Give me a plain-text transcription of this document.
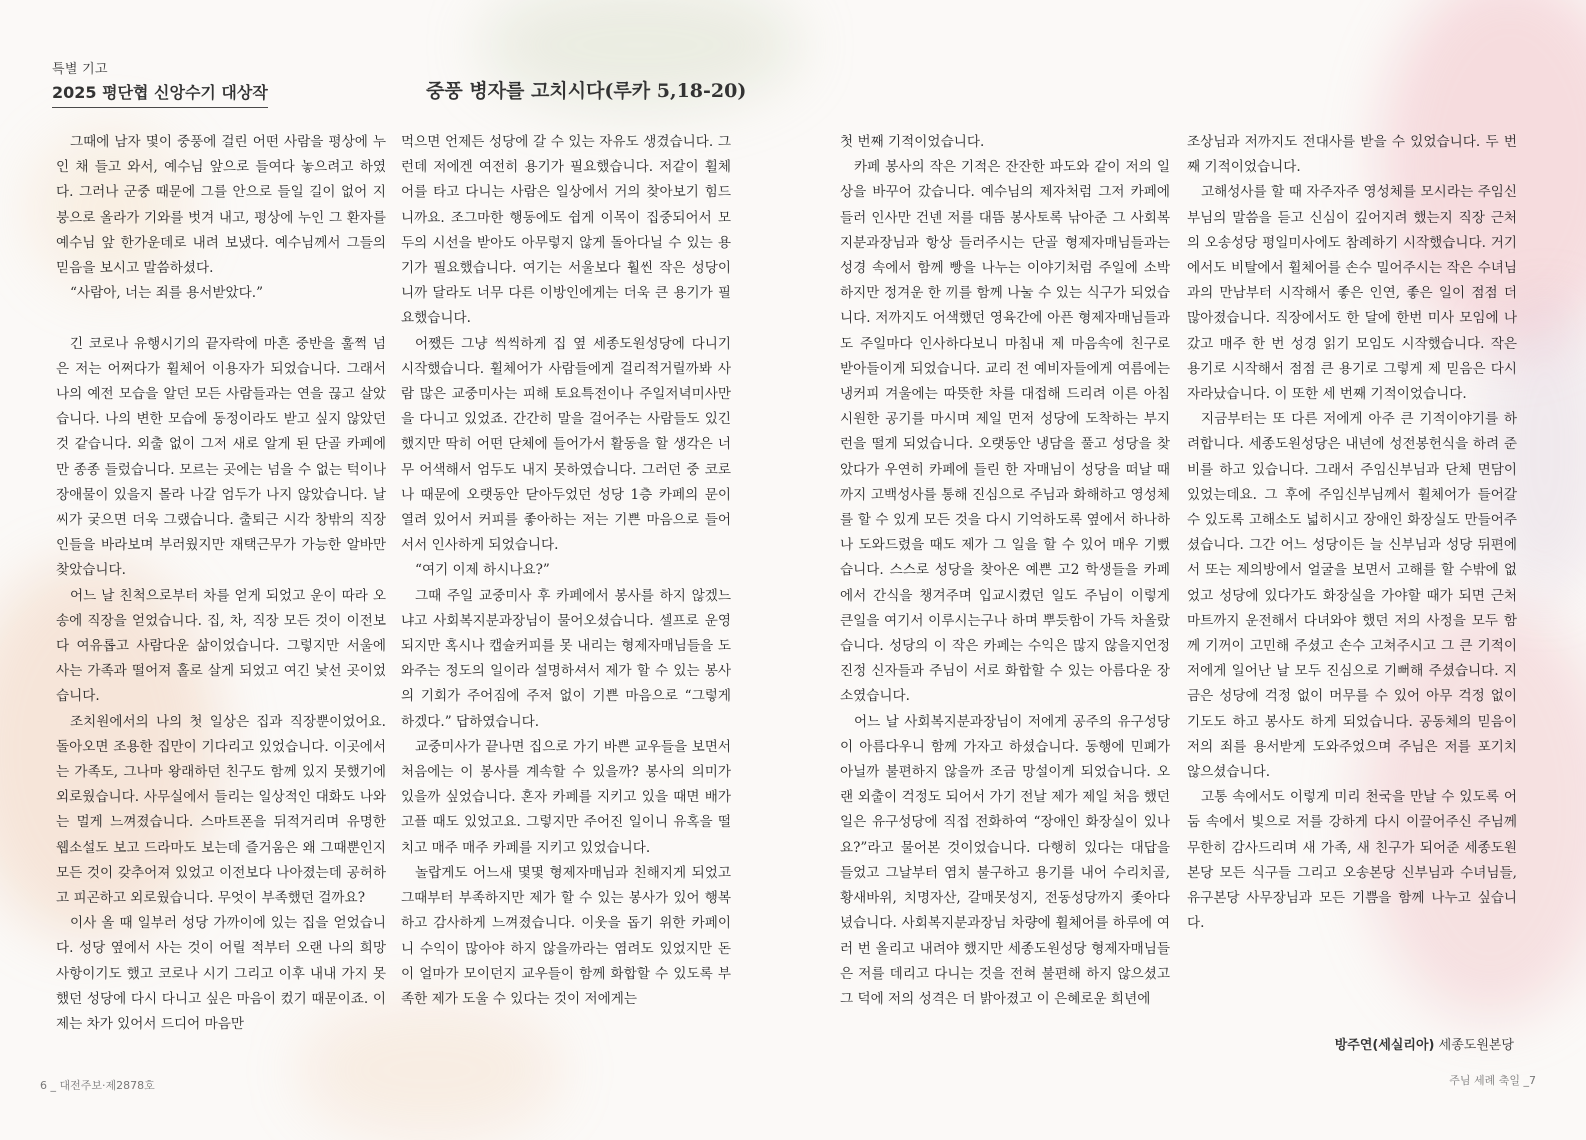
특별 기고
2025 평단협 신앙수기 대상작	중풍 병자를 고치시다(루카 5,18-20)

그때에 남자 몇이 중풍에 걸린 어떤 사람을 평상에 누인 채 들고 와서, 예수님 앞으로 들여다 놓으려고 하였다. 그러나 군중 때문에 그를 안으로 들일 길이 없어 지붕으로 올라가 기와를 벗겨 내고, 평상에 누인 그 환자를 예수님 앞 한가운데로 내려 보냈다. 예수님께서 그들의 믿음을 보시고 말씀하셨다.

“사람아, 너는 죄를 용서받았다.”

긴 코로나 유행시기의 끝자락에 마흔 중반을 훌쩍 넘은 저는 어쩌다가 휠체어 이용자가 되었습니다. 그래서 나의 예전 모습을 알던 모든 사람들과는 연을 끊고 살았습니다. 나의 변한 모습에 동정이라도 받고 싶지 않았던 것 같습니다. 외출 없이 그저 새로 알게 된 단골 카페에만 종종 들렀습니다. 모르는 곳에는 넘을 수 없는 턱이나 장애물이 있을지 몰라 나갈 엄두가 나지 않았습니다. 날씨가 궂으면 더욱 그랬습니다. 출퇴근 시각 창밖의 직장인들을 바라보며 부러웠지만 재택근무가 가능한 알바만 찾았습니다.

어느 날 친척으로부터 차를 얻게 되었고 운이 따라 오송에 직장을 얻었습니다. 집, 차, 직장 모든 것이 이전보다 여유롭고 사람다운 삶이었습니다. 그렇지만 서울에 사는 가족과 떨어져 홀로 살게 되었고 여긴 낯선 곳이었습니다.

조치원에서의 나의 첫 일상은 집과 직장뿐이었어요. 돌아오면 조용한 집만이 기다리고 있었습니다. 이곳에서는 가족도, 그나마 왕래하던 친구도 함께 있지 못했기에 외로웠습니다. 사무실에서 들리는 일상적인 대화도 나와는 멀게 느껴졌습니다. 스마트폰을 뒤적거리며 유명한 웹소설도 보고 드라마도 보는데 즐거움은 왜 그때뿐인지 모든 것이 갖추어져 있었고 이전보다 나아졌는데 공허하고 피곤하고 외로웠습니다. 무엇이 부족했던 걸까요?

이사 올 때 일부러 성당 가까이에 있는 집을 얻었습니다. 성당 옆에서 사는 것이 어릴 적부터 오랜 나의 희망사항이기도 했고 코로나 시기 그리고 이후 내내 가지 못했던 성당에 다시 다니고 싶은 마음이 컸기 때문이죠. 이제는 차가 있어서 드디어 마음만

먹으면 언제든 성당에 갈 수 있는 자유도 생겼습니다. 그런데 저에겐 여전히 용기가 필요했습니다. 저같이 휠체어를 타고 다니는 사람은 일상에서 거의 찾아보기 힘드니까요. 조그마한 행동에도 쉽게 이목이 집중되어서 모두의 시선을 받아도 아무렇지 않게 돌아다닐 수 있는 용기가 필요했습니다. 여기는 서울보다 훨씬 작은 성당이니까 달라도 너무 다른 이방인에게는 더욱 큰 용기가 필요했습니다.

어쨌든 그냥 씩씩하게 집 옆 세종도원성당에 다니기 시작했습니다. 휠체어가 사람들에게 걸리적거릴까봐 사람 많은 교중미사는 피해 토요특전이나 주일저녁미사만을 다니고 있었죠. 간간히 말을 걸어주는 사람들도 있긴 했지만 딱히 어떤 단체에 들어가서 활동을 할 생각은 너무 어색해서 엄두도 내지 못하였습니다. 그러던 중 코로나 때문에 오랫동안 닫아두었던 성당 1층 카페의 문이 열려 있어서 커피를 좋아하는 저는 기쁜 마음으로 들어서서 인사하게 되었습니다.

“여기 이제 하시나요?”

그때 주일 교중미사 후 카페에서 봉사를 하지 않겠느냐고 사회복지분과장님이 물어오셨습니다. 셀프로 운영되지만 혹시나 캡슐커피를 못 내리는 형제자매님들을 도와주는 정도의 일이라 설명하셔서 제가 할 수 있는 봉사의 기회가 주어짐에 주저 없이 기쁜 마음으로 “그렇게 하겠다.” 답하였습니다.

교중미사가 끝나면 집으로 가기 바쁜 교우들을 보면서 처음에는 이 봉사를 계속할 수 있을까? 봉사의 의미가 있을까 싶었습니다. 혼자 카페를 지키고 있을 때면 배가 고플 때도 있었고요. 그렇지만 주어진 일이니 유혹을 떨치고 매주 매주 카페를 지키고 있었습니다.

놀랍게도 어느새 몇몇 형제자매님과 친해지게 되었고 그때부터 부족하지만 제가 할 수 있는 봉사가 있어 행복하고 감사하게 느껴졌습니다. 이웃을 돕기 위한 카페이니 수익이 많아야 하지 않을까라는 염려도 있었지만 돈이 얼마가 모이던지 교우들이 함께 화합할 수 있도록 부족한 제가 도울 수 있다는 것이 저에게는

첫 번째 기적이었습니다.

카페 봉사의 작은 기적은 잔잔한 파도와 같이 저의 일상을 바꾸어 갔습니다. 예수님의 제자처럼 그저 카페에 들러 인사만 건넨 저를 대뜸 봉사토록 낚아준 그 사회복지분과장님과 항상 들러주시는 단골 형제자매님들과는 성경 속에서 함께 빵을 나누는 이야기처럼 주일에 소박하지만 정겨운 한 끼를 함께 나눌 수 있는 식구가 되었습니다. 저까지도 어색했던 영육간에 아픈 형제자매님들과도 주일마다 인사하다보니 마침내 제 마음속에 친구로 받아들이게 되었습니다. 교리 전 예비자들에게 여름에는 냉커피 겨울에는 따뜻한 차를 대접해 드리려 이른 아침 시원한 공기를 마시며 제일 먼저 성당에 도착하는 부지런을 떨게 되었습니다. 오랫동안 냉담을 풀고 성당을 찾았다가 우연히 카페에 들린 한 자매님이 성당을 떠날 때까지 고백성사를 통해 진심으로 주님과 화해하고 영성체를 할 수 있게 모든 것을 다시 기억하도록 옆에서 하나하나 도와드렸을 때도 제가 그 일을 할 수 있어 매우 기뻤습니다. 스스로 성당을 찾아온 예쁜 고2 학생들을 카페에서 간식을 챙겨주며 입교시켰던 일도 주님이 이렇게 큰일을 여기서 이루시는구나 하며 뿌듯함이 가득 차올랐습니다. 성당의 이 작은 카페는 수익은 많지 않을지언정 진정 신자들과 주님이 서로 화합할 수 있는 아름다운 장소였습니다.

어느 날 사회복지분과장님이 저에게 공주의 유구성당이 아름다우니 함께 가자고 하셨습니다. 동행에 민폐가 아닐까 불편하지 않을까 조금 망설이게 되었습니다. 오랜 외출이 걱정도 되어서 가기 전날 제가 제일 처음 했던 일은 유구성당에 직접 전화하여 “장애인 화장실이 있나요?”라고 물어본 것이었습니다. 다행히 있다는 대답을 들었고 그날부터 염치 불구하고 용기를 내어 수리치골, 황새바위, 치명자산, 갈매못성지, 전동성당까지 좇아다녔습니다. 사회복지분과장님 차량에 휠체어를 하루에 여러 번 올리고 내려야 했지만 세종도원성당 형제자매님들은 저를 데리고 다니는 것을 전혀 불편해 하지 않으셨고 그 덕에 저의 성격은 더 밝아졌고 이 은혜로운 희년에

조상님과 저까지도 전대사를 받을 수 있었습니다. 두 번째 기적이었습니다.

고해성사를 할 때 자주자주 영성체를 모시라는 주임신부님의 말씀을 듣고 신심이 깊어지려 했는지 직장 근처의 오송성당 평일미사에도 참례하기 시작했습니다. 거기에서도 비탈에서 휠체어를 손수 밀어주시는 작은 수녀님과의 만남부터 시작해서 좋은 인연, 좋은 일이 점점 더 많아졌습니다. 직장에서도 한 달에 한번 미사 모임에 나갔고 매주 한 번 성경 읽기 모임도 시작했습니다. 작은 용기로 시작해서 점점 큰 용기로 그렇게 제 믿음은 다시 자라났습니다. 이 또한 세 번째 기적이었습니다.

지금부터는 또 다른 저에게 아주 큰 기적이야기를 하려합니다. 세종도원성당은 내년에 성전봉헌식을 하려 준비를 하고 있습니다. 그래서 주임신부님과 단체 면담이 있었는데요. 그 후에 주임신부님께서 휠체어가 들어갈 수 있도록 고해소도 넓히시고 장애인 화장실도 만들어주셨습니다. 그간 어느 성당이든 늘 신부님과 성당 뒤편에서 또는 제의방에서 얼굴을 보면서 고해를 할 수밖에 없었고 성당에 있다가도 화장실을 가야할 때가 되면 근처 마트까지 운전해서 다녀와야 했던 저의 사정을 모두 함께 기꺼이 고민해 주셨고 손수 고쳐주시고 그 큰 기적이 저에게 일어난 날 모두 진심으로 기뻐해 주셨습니다. 지금은 성당에 걱정 없이 머무를 수 있어 아무 걱정 없이 기도도 하고 봉사도 하게 되었습니다. 공동체의 믿음이 저의 죄를 용서받게 도와주었으며 주님은 저를 포기치 않으셨습니다.

고통 속에서도 이렇게 미리 천국을 만날 수 있도록 어둠 속에서 빛으로 저를 강하게 다시 이끌어주신 주님께 무한히 감사드리며 새 가족, 새 친구가 되어준 세종도원본당 모든 식구들 그리고 오송본당 신부님과 수녀님들, 유구본당 사무장님과 모든 기쁨을 함께 나누고 싶습니다.

방주연(세실리아) 세종도원본당
6 _ 대전주보·제2878호	주님 세례 축일 _7
